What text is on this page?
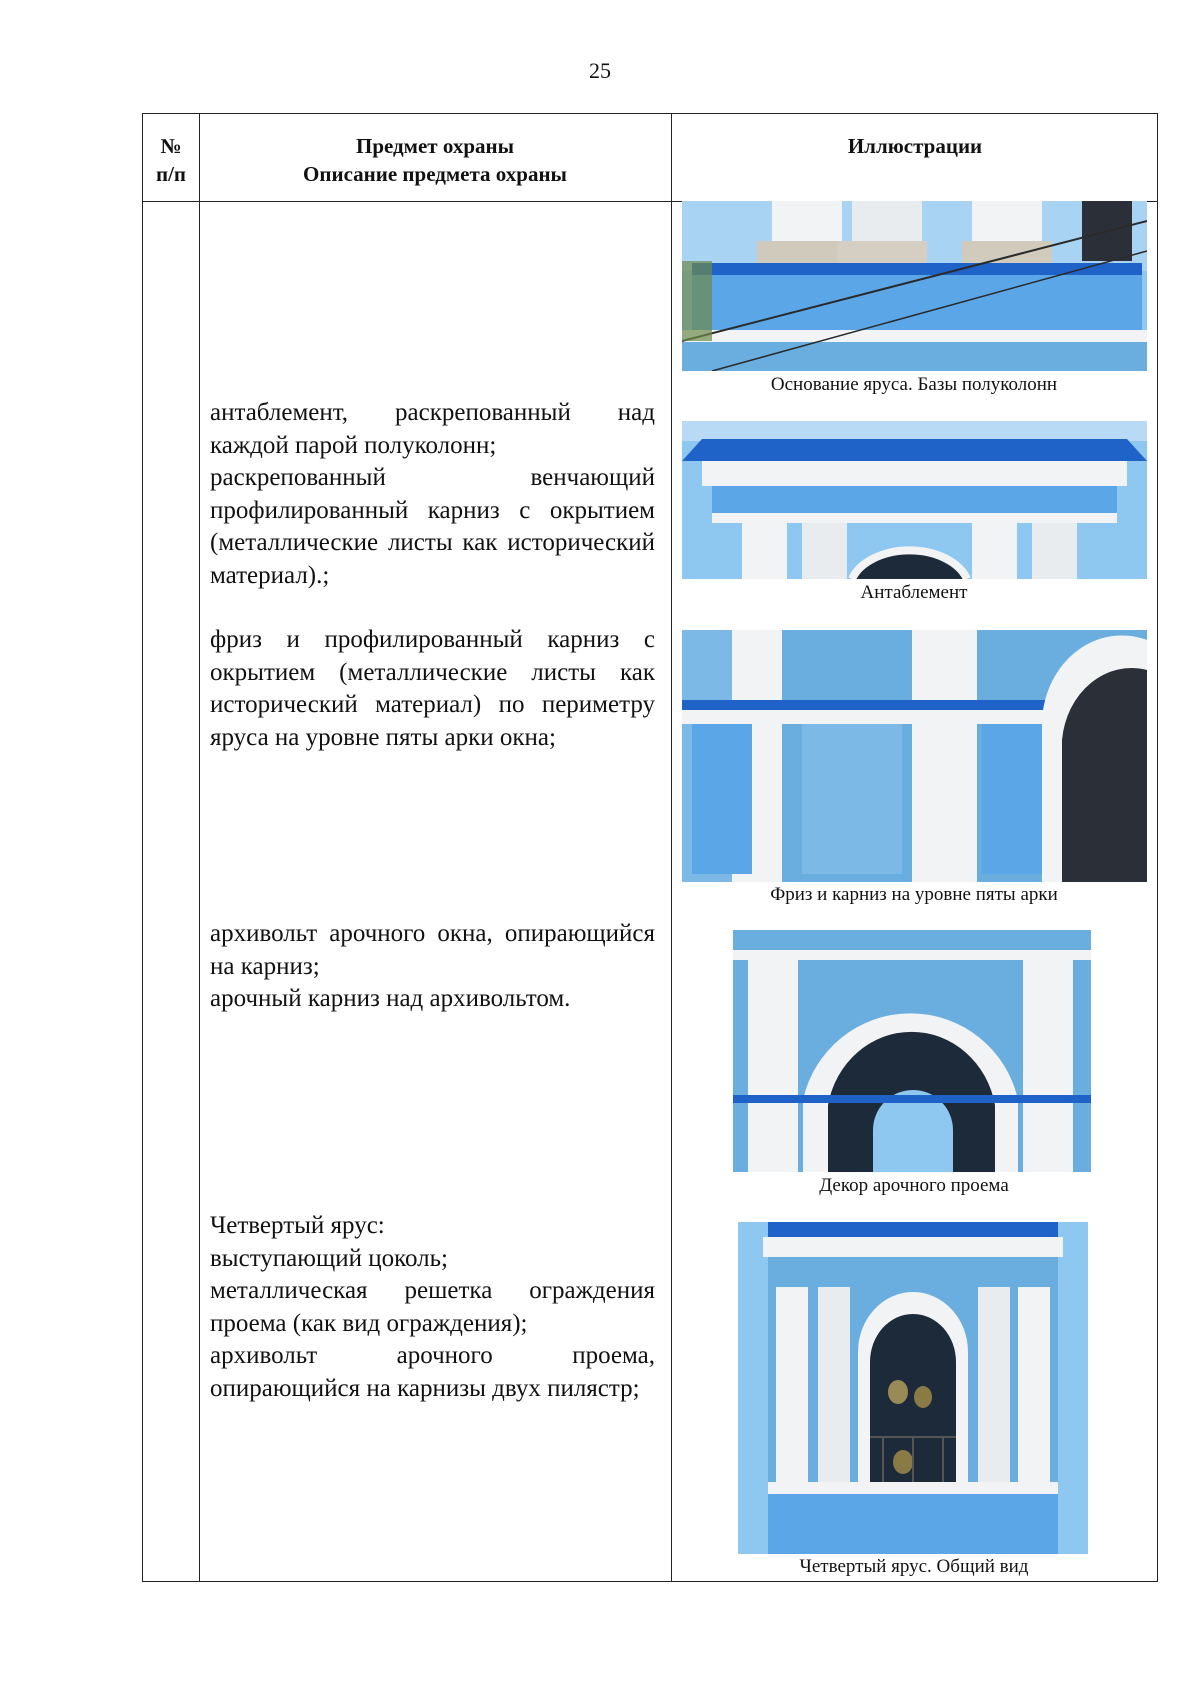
25
№
п/п
Предмет охраны
Описание предмета охраны
Иллюстрации

антаблемент, раскрепованный над каждой парой полуколонн;

раскрепованный венчающий профилированный карниз с окрытием (металлические листы как исторический материал).;

фриз и профилированный карниз с окрытием (металлические листы как исторический материал) по периметру яруса на уровне пяты арки окна;

архивольт арочного окна, опирающийся на карниз;

арочный карниз над архивольтом.

Четвертый ярус:

выступающий цоколь;

металлическая решетка ограждения проема (как вид ограждения);

архивольт арочного проема, опирающийся на карнизы двух пилястр;

Основание яруса. Базы полуколонн
Антаблемент
Фриз и карниз на уровне пяты арки
Декор арочного проема
Четвертый ярус. Общий вид
